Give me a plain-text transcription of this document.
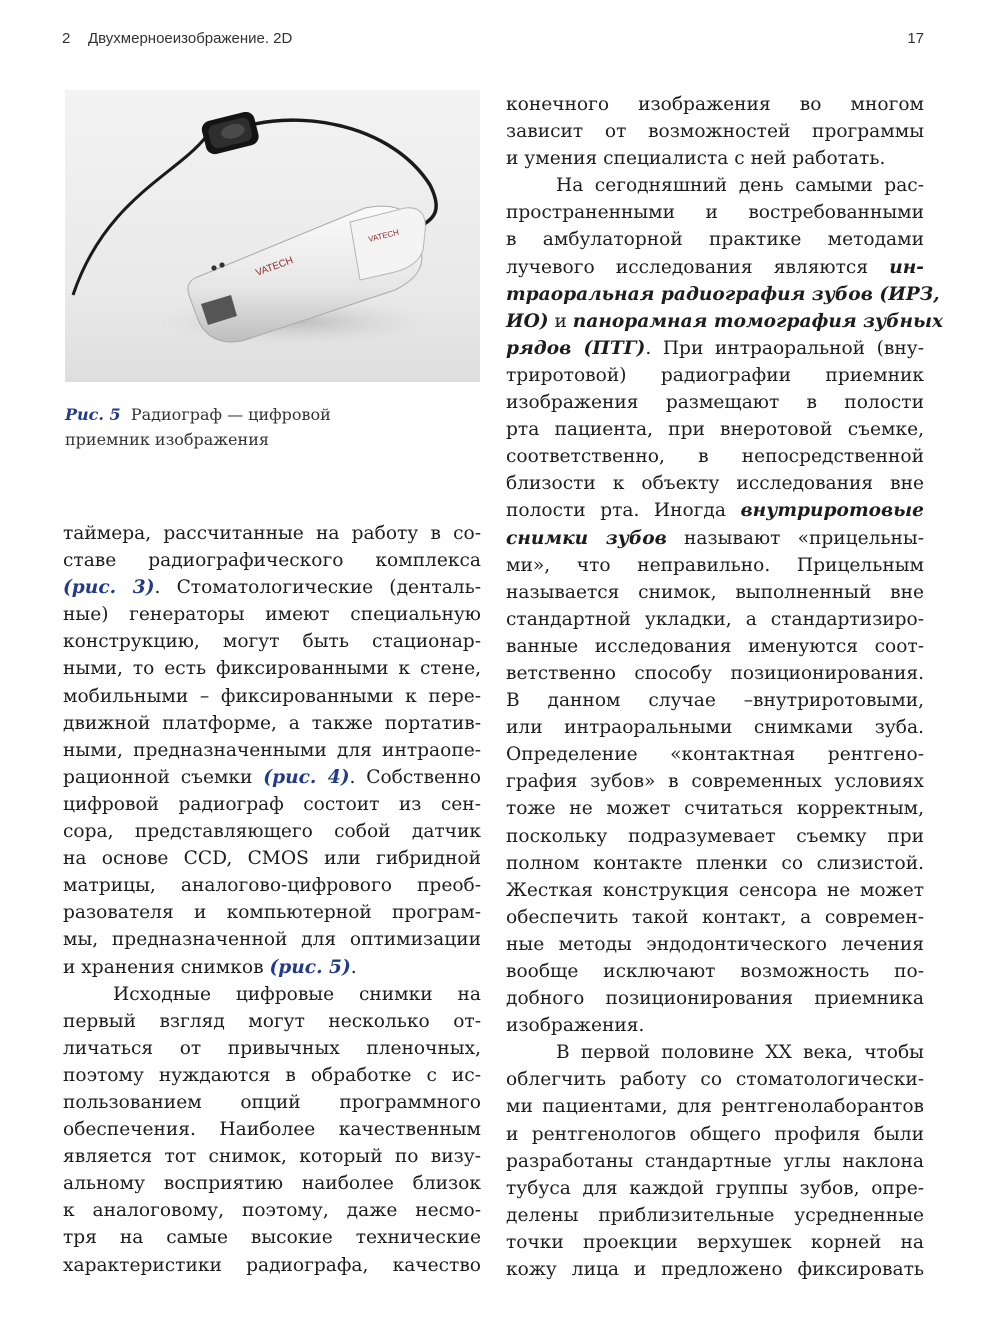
2 Двухмерноеизображение. 2D	17
VATECH
VATECH
Рис. 5 Радиограф — цифровой
приемник изображения

таймера, рассчитанные на работу в со-

ставе радиографического комплекса

(рис. 3). Стоматологические (денталь-

ные) генераторы имеют специальную

конструкцию, могут быть стационар-

ными, то есть фиксированными к стене,

мобильными – фиксированными к пере-

движной платформе, а также портатив-

ными, предназначенными для интраопе-

рационной съемки (рис. 4). Собственно

цифровой радиограф состоит из сен-

сора, представляющего собой датчик

на основе CCD, CMOS или гибридной

матрицы, аналогово-цифрового преоб-

разователя и компьютерной програм-

мы, предназначенной для оптимизации

и хранения снимков (рис. 5).

Исходные цифровые снимки на

первый взгляд могут несколько от-

личаться от привычных пленочных,

поэтому нуждаются в обработке с ис-

пользованием опций программного

обеспечения. Наиболее качественным

является тот снимок, который по визу-

альному восприятию наиболее близок

к аналоговому, поэтому, даже несмо-

тря на самые высокие технические

характеристики радиографа, качество

конечного изображения во многом

зависит от возможностей программы

и умения специалиста с ней работать.

На сегодняшний день самыми рас-

пространенными и востребованными

в амбулаторной практике методами

лучевого исследования являются ин-

траоральная радиография зубов (ИРЗ,

ИО) и панорамная томография зубных

рядов (ПТГ). При интраоральной (вну-

триротовой) радиографии приемник

изображения размещают в полости

рта пациента, при внеротовой съемке,

соответственно, в непосредственной

близости к объекту исследования вне

полости рта. Иногда внутриротовые

снимки зубов называют «прицельны-

ми», что неправильно. Прицельным

называется снимок, выполненный вне

стандартной укладки, а стандартизиро-

ванные исследования именуются соот-

ветственно способу позиционирования.

В данном случае –внутриротовыми,

или интраоральными снимками зуба.

Определение «контактная рентгено-

графия зубов» в современных условиях

тоже не может считаться корректным,

поскольку подразумевает съемку при

полном контакте пленки со слизистой.

Жесткая конструкция сенсора не может

обеспечить такой контакт, а современ-

ные методы эндодонтического лечения

вообще исключают возможность по-

добного позиционирования приемника

изображения.

В первой половине XX века, чтобы

облегчить работу со стоматологически-

ми пациентами, для рентгенолаборантов

и рентгенологов общего профиля были

разработаны стандартные углы наклона

тубуса для каждой группы зубов, опре-

делены приблизительные усредненные

точки проекции верхушек корней на

кожу лица и предложено фиксировать
